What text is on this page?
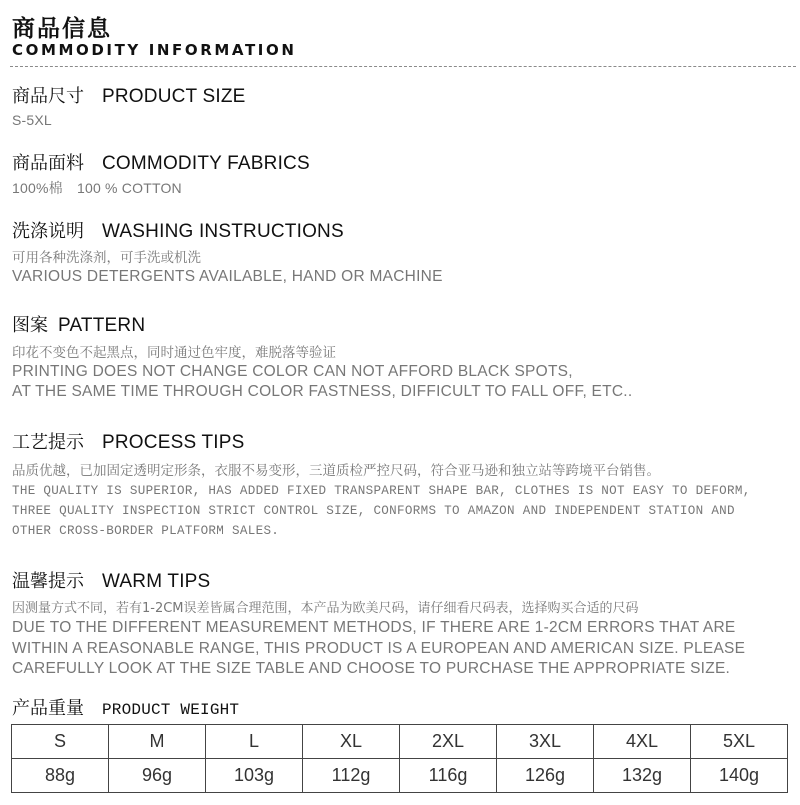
商品信息
COMMODITY INFORMATION
商品尺寸 PRODUCT SIZE
S-5XL
商品面料 COMMODITY FABRICS
100%棉　100 % COTTON
洗涤说明 WASHING INSTRUCTIONS
可用各种洗涤剂，可手洗或机洗
VARIOUS DETERGENTS AVAILABLE, HAND OR MACHINE
图案 PATTERN
印花不变色不起黑点，同时通过色牢度，难脱落等验证
PRINTING DOES NOT CHANGE COLOR CAN NOT AFFORD BLACK SPOTS,
AT THE SAME TIME THROUGH COLOR FASTNESS, DIFFICULT TO FALL OFF, ETC..
工艺提示 PROCESS TIPS
品质优越，已加固定透明定形条，衣服不易变形，三道质检严控尺码，符合亚马逊和独立站等跨境平台销售。
THE QUALITY IS SUPERIOR, HAS ADDED FIXED TRANSPARENT SHAPE BAR, CLOTHES IS NOT EASY TO DEFORM,
THREE QUALITY INSPECTION STRICT CONTROL SIZE, CONFORMS TO AMAZON AND INDEPENDENT STATION AND
OTHER CROSS-BORDER PLATFORM SALES.
温馨提示 WARM TIPS
因测量方式不同，若有1-2CM误差皆属合理范围，本产品为欧美尺码，请仔细看尺码表，选择购买合适的尺码
DUE TO THE DIFFERENT MEASUREMENT METHODS, IF THERE ARE 1-2CM ERRORS THAT ARE
WITHIN A REASONABLE RANGE, THIS PRODUCT IS A EUROPEAN AND AMERICAN SIZE. PLEASE
CAREFULLY LOOK AT THE SIZE TABLE AND CHOOSE TO PURCHASE THE APPROPRIATE SIZE.
产品重量 PRODUCT WEIGHT
S	M	L	XL	2XL	3XL	4XL	5XL
88g	96g	103g	112g	116g	126g	132g	140g
